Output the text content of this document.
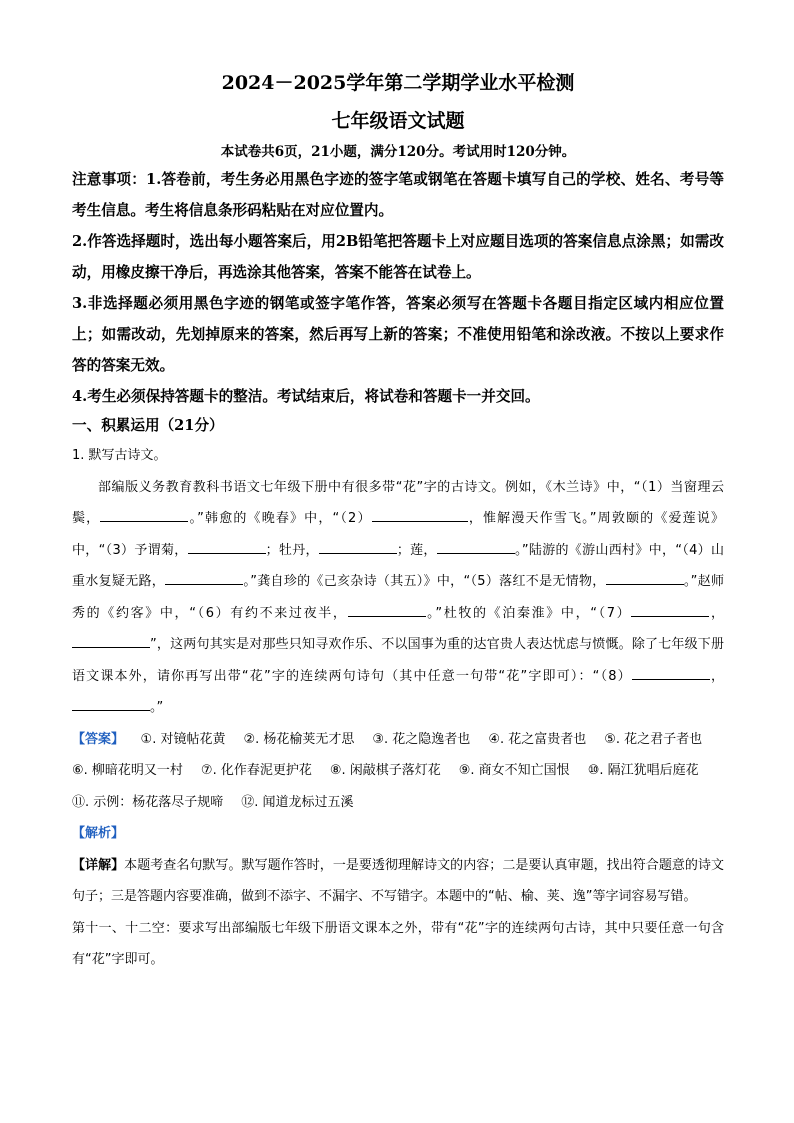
2024－2025学年第二学期学业水平检测

七年级语文试题

本试卷共6页，21小题，满分120分。考试用时120分钟。

注意事项：1.答卷前，考生务必用黑色字迹的签字笔或钢笔在答题卡填写自己的学校、姓名、考号等考生信息。考生将信息条形码粘贴在对应位置内。

2.作答选择题时，选出每小题答案后，用2B铅笔把答题卡上对应题目选项的答案信息点涂黑；如需改动，用橡皮擦干净后，再选涂其他答案，答案不能答在试卷上。

3.非选择题必须用黑色字迹的钢笔或签字笔作答，答案必须写在答题卡各题目指定区域内相应位置上；如需改动，先划掉原来的答案，然后再写上新的答案；不准使用铅笔和涂改液。不按以上要求作答的答案无效。

4.考生必须保持答题卡的整洁。考试结束后，将试卷和答题卡一并交回。

一、积累运用（21分）

1. 默写古诗文。

部编版义务教育教科书语文七年级下册中有很多带“花”字的古诗文。例如，《木兰诗》中，“（1）当窗理云鬓，	。”韩愈的《晚春》中，“（2）	，惟解漫天作雪飞。”周敦颐的《爱莲说》中，“（3）予谓菊，	；牡丹，	；莲，	。”陆游的《游山西村》中，“（4）山重水复疑无路，	。”龚自珍的《己亥杂诗（其五）》中，“（5）落红不是无情物，	。”赵师秀的《约客》中，“（6）有约不来过夜半，	。”杜牧的《泊秦淮》中，“（7）	，”，这两句其实是对那些只知寻欢作乐、不以国事为重的达官贵人表达忧虑与愤慨。除了七年级下册语文课本外，请你再写出带“花”字的连续两句诗句（其中任意一句带“花”字即可）：“（8）	，。”

【答案】 ①. 对镜帖花黄 ②. 杨花榆荚无才思 ③. 花之隐逸者也 ④. 花之富贵者也 ⑤. 花之君子者也⑥. 柳暗花明又一村 ⑦. 化作春泥更护花 ⑧. 闲敲棋子落灯花 ⑨. 商女不知亡国恨 ⑩. 隔江犹唱后庭花⑪. 示例：杨花落尽子规啼 ⑫. 闻道龙标过五溪

【解析】

【详解】本题考查名句默写。默写题作答时，一是要透彻理解诗文的内容；二是要认真审题，找出符合题意的诗文句子；三是答题内容要准确，做到不添字、不漏字、不写错字。本题中的“帖、榆、荚、逸”等字词容易写错。

第十一、十二空：要求写出部编版七年级下册语文课本之外，带有“花”字的连续两句古诗，其中只要任意一句含有“花”字即可。
